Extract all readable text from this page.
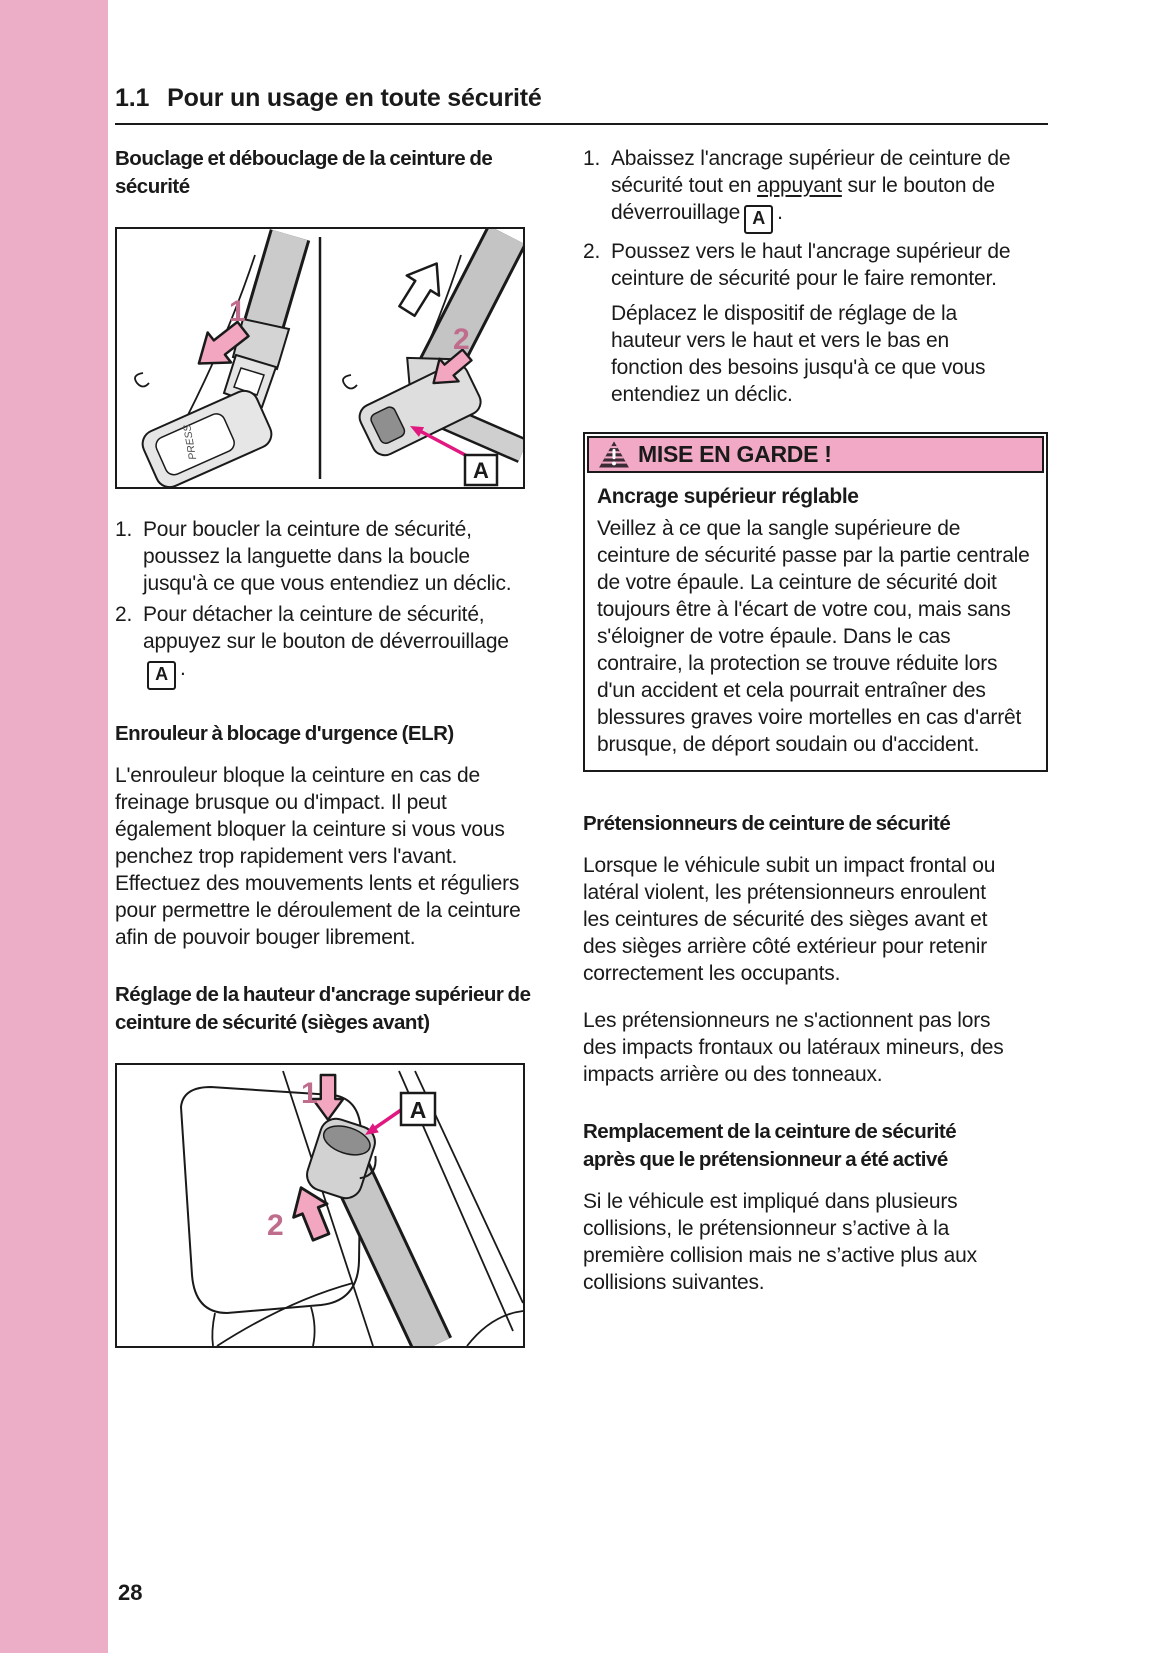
1.1 Pour un usage en toute sécurité
Bouclage et débouclage de la ceinture de sécurité
PRESS
1
2
A
1. Pour boucler la ceinture de sécurité, poussez la languette dans la boucle jusqu'à ce que vous entendiez un déclic.
2. Pour détacher la ceinture de sécurité, appuyez sur le bouton de déverrouillageA .
Enrouleur à blocage d'urgence (ELR)

L'enrouleur bloque la ceinture en cas de freinage brusque ou d'impact. Il peut également bloquer la ceinture si vous vous penchez trop rapidement vers l'avant. Effectuez des mouvements lents et réguliers pour permettre le déroulement de la ceinture afin de pouvoir bouger librement.

Réglage de la hauteur d'ancrage supérieur de ceinture de sécurité (sièges avant)
1
2
A
1. Abaissez l'ancrage supérieur de ceinture de sécurité tout en appuyant sur le bouton de déverrouillage A .
2. Poussez vers le haut l'ancrage supérieur de ceinture de sécurité pour le faire remonter.

Déplacez le dispositif de réglage de la hauteur vers le haut et vers le bas en fonction des besoins jusqu'à ce que vous entendiez un déclic.

MISE EN GARDE !
Ancrage supérieur réglable

Veillez à ce que la sangle supérieure de ceinture de sécurité passe par la partie centrale de votre épaule. La ceinture de sécurité doit toujours être à l'écart de votre cou, mais sans s'éloigner de votre épaule. Dans le cas contraire, la protection se trouve réduite lors d'un accident et cela pourrait entraîner des blessures graves voire mortelles en cas d'arrêt brusque, de déport soudain ou d'accident.

Prétensionneurs de ceinture de sécurité

Lorsque le véhicule subit un impact frontal ou latéral violent, les prétensionneurs enroulent les ceintures de sécurité des sièges avant et des sièges arrière côté extérieur pour retenir correctement les occupants.

Les prétensionneurs ne s'actionnent pas lors des impacts frontaux ou latéraux mineurs, des impacts arrière ou des tonneaux.

Remplacement de la ceinture de sécurité après que le prétensionneur a été activé

Si le véhicule est impliqué dans plusieurs collisions, le prétensionneur s’active à la première collision mais ne s’active plus aux collisions suivantes.

28
